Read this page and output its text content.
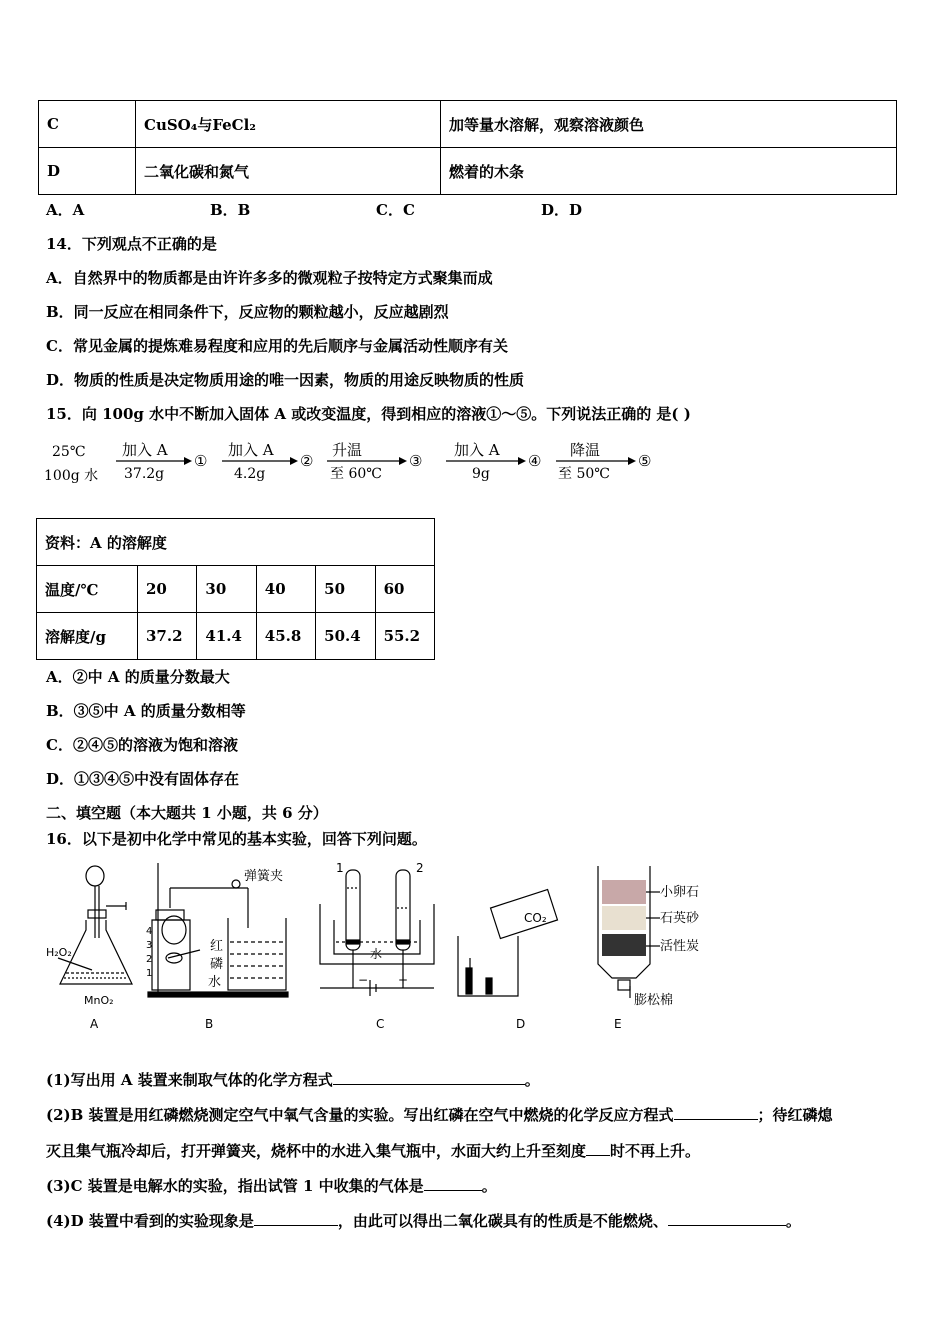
C	CuSO₄与FeCl₂	加等量水溶解，观察溶液颜色
D	二氧化碳和氮气	燃着的木条
A．A	B．B	C．C	D．D
14．下列观点不正确的是
A．自然界中的物质都是由许许多多的微观粒子按特定方式聚集而成
B．同一反应在相同条件下，反应物的颗粒越小，反应越剧烈
C．常见金属的提炼难易程度和应用的先后顺序与金属活动性顺序有关
D．物质的性质是决定物质用途的唯一因素，物质的用途反映物质的性质
15．向 100g 水中不断加入固体 A 或改变温度，得到相应的溶液①～⑤。下列说法正确的 是( )
25℃
100g 水
加入 A
37.2g
①
加入 A
4.2g
②
升温
至 60℃
③
加入 A
9g
④
降温
至 50℃
⑤
资料：A 的溶解度					
温度/℃	20	30	40	50	60
溶解度/g	37.2	41.4	45.8	50.4	55.2
A．②中 A 的质量分数最大
B．③⑤中 A 的质量分数相等
C．②④⑤的溶液为饱和溶液
D．①③④⑤中没有固体存在
二、填空题（本大题共 1 小题，共 6 分）
16．以下是初中化学中常见的基本实验，回答下列问题。
H₂O₂
MnO₂
A
弹簧夹
4
3
2
1
红
磷
水
B
1	2
水
− +
C
CO₂
D
小卵石
石英砂
活性炭
膨松棉
E
(1)写出用 A 装置来制取气体的化学方程式	。
(2)B 装置是用红磷燃烧测定空气中氧气含量的实验。写出红磷在空气中燃烧的化学反应方程式	；待红磷熄
灭且集气瓶冷却后，打开弹簧夹，烧杯中的水进入集气瓶中，水面大约上升至刻度 时不再上升。
(3)C 装置是电解水的实验，指出试管 1 中收集的气体是	。
(4)D 装置中看到的实验现象是	，由此可以得出二氧化碳具有的性质是不能燃烧、	。
